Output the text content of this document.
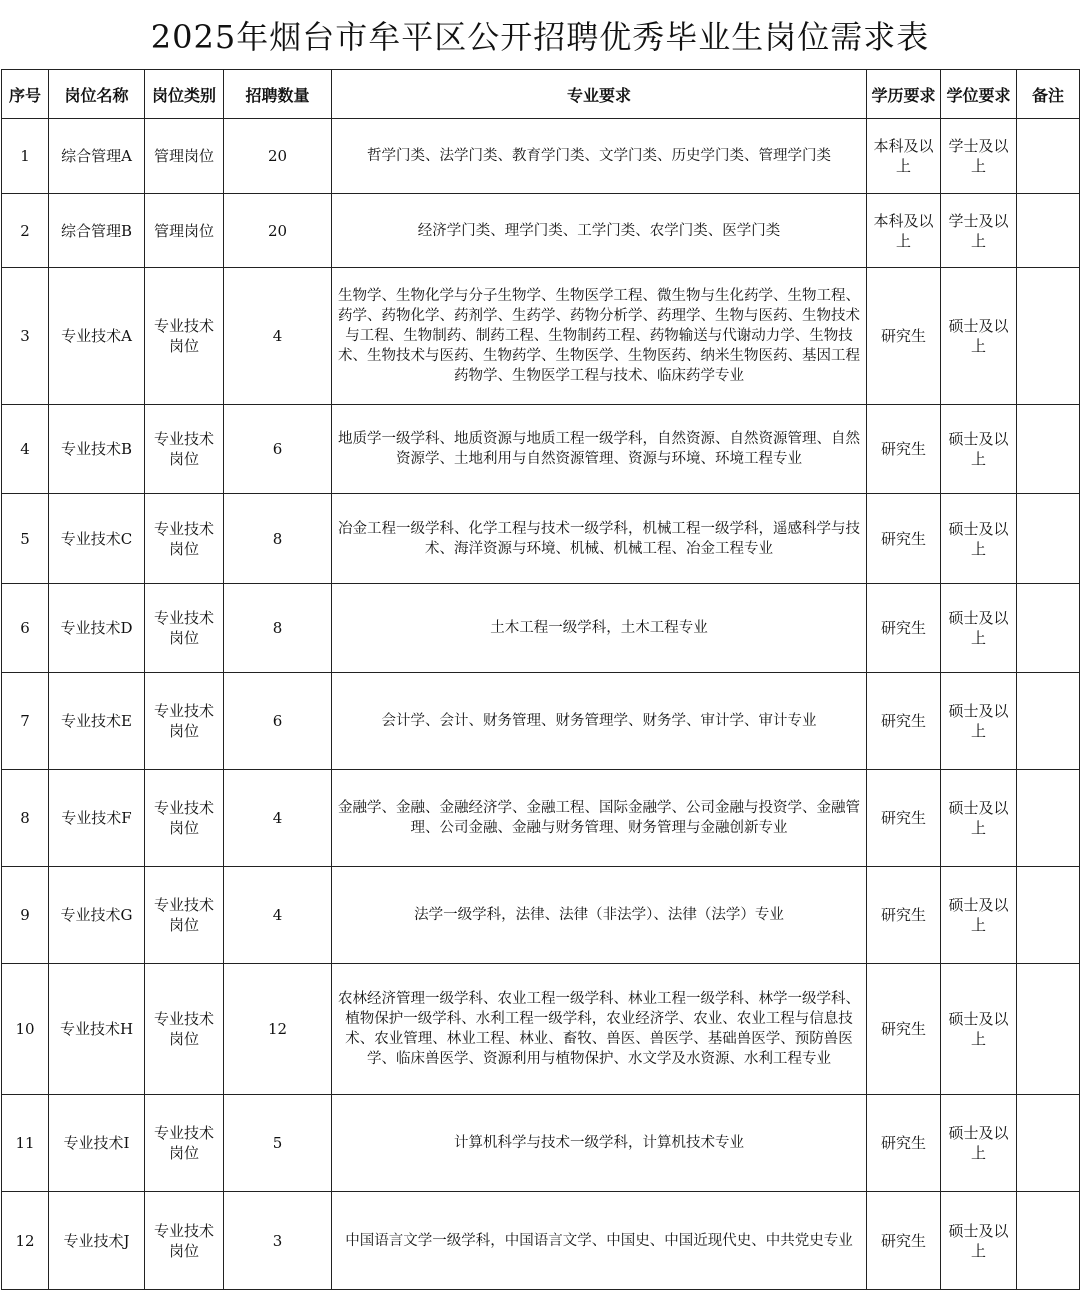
2025年烟台市牟平区公开招聘优秀毕业生岗位需求表
序号	岗位名称	岗位类别	招聘数量	专业要求	学历要求	学位要求	备注
1	综合管理A	管理岗位	20	哲学门类、法学门类、教育学门类、文学门类、历史学门类、管理学门类	本科及以上	学士及以上	
2	综合管理B	管理岗位	20	经济学门类、理学门类、工学门类、农学门类、医学门类	本科及以上	学士及以上	
3	专业技术A	专业技术岗位	4	生物学、生物化学与分子生物学、生物医学工程、微生物与生化药学、生物工程、药学、药物化学、药剂学、生药学、药物分析学、药理学、生物与医药、生物技术与工程、生物制药、制药工程、生物制药工程、药物输送与代谢动力学、生物技术、生物技术与医药、生物药学、生物医学、生物医药、纳米生物医药、基因工程药物学、生物医学工程与技术、临床药学专业	研究生	硕士及以上	
4	专业技术B	专业技术岗位	6	地质学一级学科、地质资源与地质工程一级学科，自然资源、自然资源管理、自然资源学、土地利用与自然资源管理、资源与环境、环境工程专业	研究生	硕士及以上	
5	专业技术C	专业技术岗位	8	冶金工程一级学科、化学工程与技术一级学科，机械工程一级学科，遥感科学与技术、海洋资源与环境、机械、机械工程、冶金工程专业	研究生	硕士及以上	
6	专业技术D	专业技术岗位	8	土木工程一级学科，土木工程专业	研究生	硕士及以上	
7	专业技术E	专业技术岗位	6	会计学、会计、财务管理、财务管理学、财务学、审计学、审计专业	研究生	硕士及以上	
8	专业技术F	专业技术岗位	4	金融学、金融、金融经济学、金融工程、国际金融学、公司金融与投资学、金融管理、公司金融、金融与财务管理、财务管理与金融创新专业	研究生	硕士及以上	
9	专业技术G	专业技术岗位	4	法学一级学科，法律、法律（非法学）、法律（法学）专业	研究生	硕士及以上	
10	专业技术H	专业技术岗位	12	农林经济管理一级学科、农业工程一级学科、林业工程一级学科、林学一级学科、植物保护一级学科、水利工程一级学科，农业经济学、农业、农业工程与信息技术、农业管理、林业工程、林业、畜牧、兽医、兽医学、基础兽医学、预防兽医学、临床兽医学、资源利用与植物保护、水文学及水资源、水利工程专业	研究生	硕士及以上	
11	专业技术I	专业技术岗位	5	计算机科学与技术一级学科，计算机技术专业	研究生	硕士及以上	
12	专业技术J	专业技术岗位	3	中国语言文学一级学科，中国语言文学、中国史、中国近现代史、中共党史专业	研究生	硕士及以上	
